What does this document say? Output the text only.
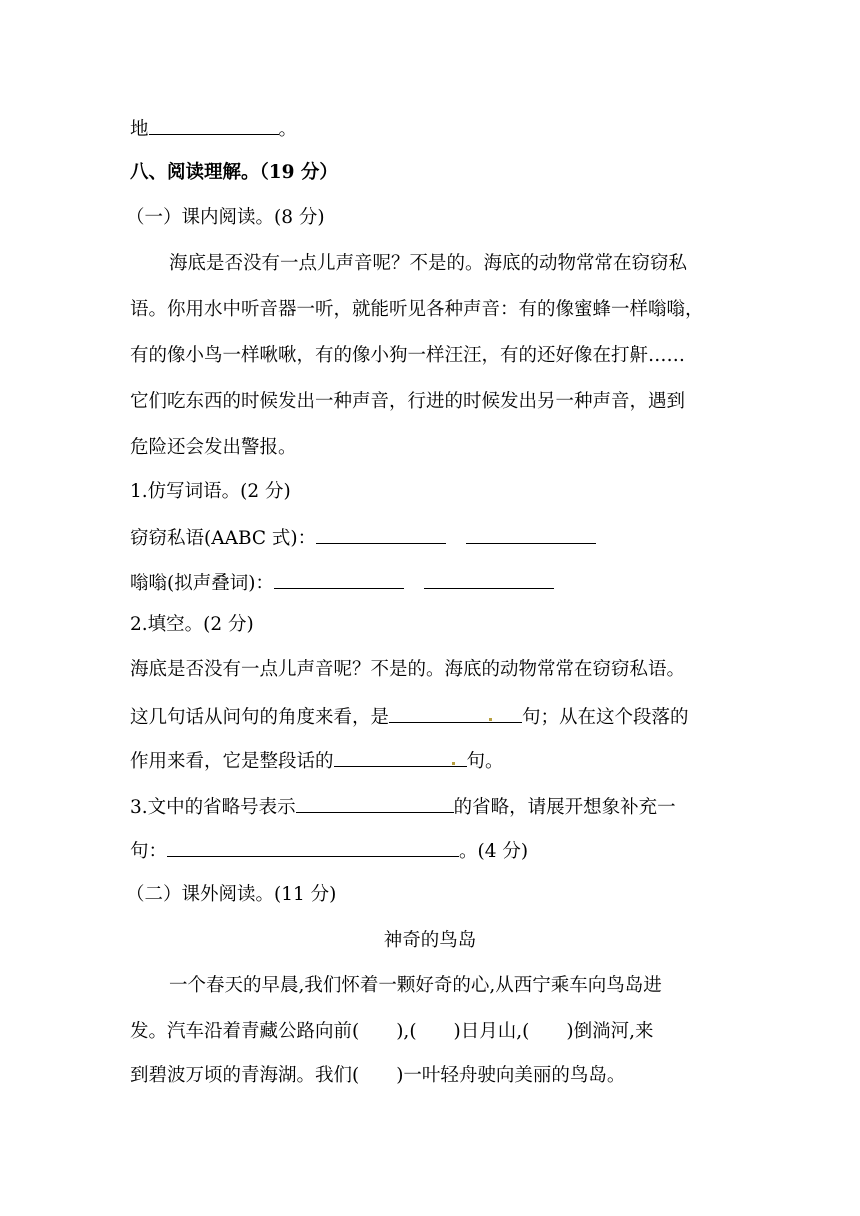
地	。
八、阅读理解。（19 分）
（一）课内阅读。(8 分)
海底是否没有一点儿声音呢？不是的。海底的动物常常在窃窃私
语。你用水中听音器一听，就能听见各种声音：有的像蜜蜂一样嗡嗡，
有的像小鸟一样啾啾，有的像小狗一样汪汪，有的还好像在打鼾……
它们吃东西的时候发出一种声音，行进的时候发出另一种声音，遇到
危险还会发出警报。
1.仿写词语。(2 分)
窃窃私语(AABC 式)：
嗡嗡(拟声叠词)：
2.填空。(2 分)
海底是否没有一点儿声音呢？不是的。海底的动物常常在窃窃私语。
这几句话从问句的角度来看，是	句；从在这个段落的
作用来看，它是整段话的	句。
3.文中的省略号表示	的省略，请展开想象补充一
句：	。(4 分)
（二）课外阅读。(11 分)
神奇的鸟岛
一个春天的早晨,我们怀着一颗好奇的心,从西宁乘车向鸟岛进
发。汽车沿着青藏公路向前(　　),(　　)日月山,(　　)倒淌河,来
到碧波万顷的青海湖。我们(　　)一叶轻舟驶向美丽的鸟岛。
